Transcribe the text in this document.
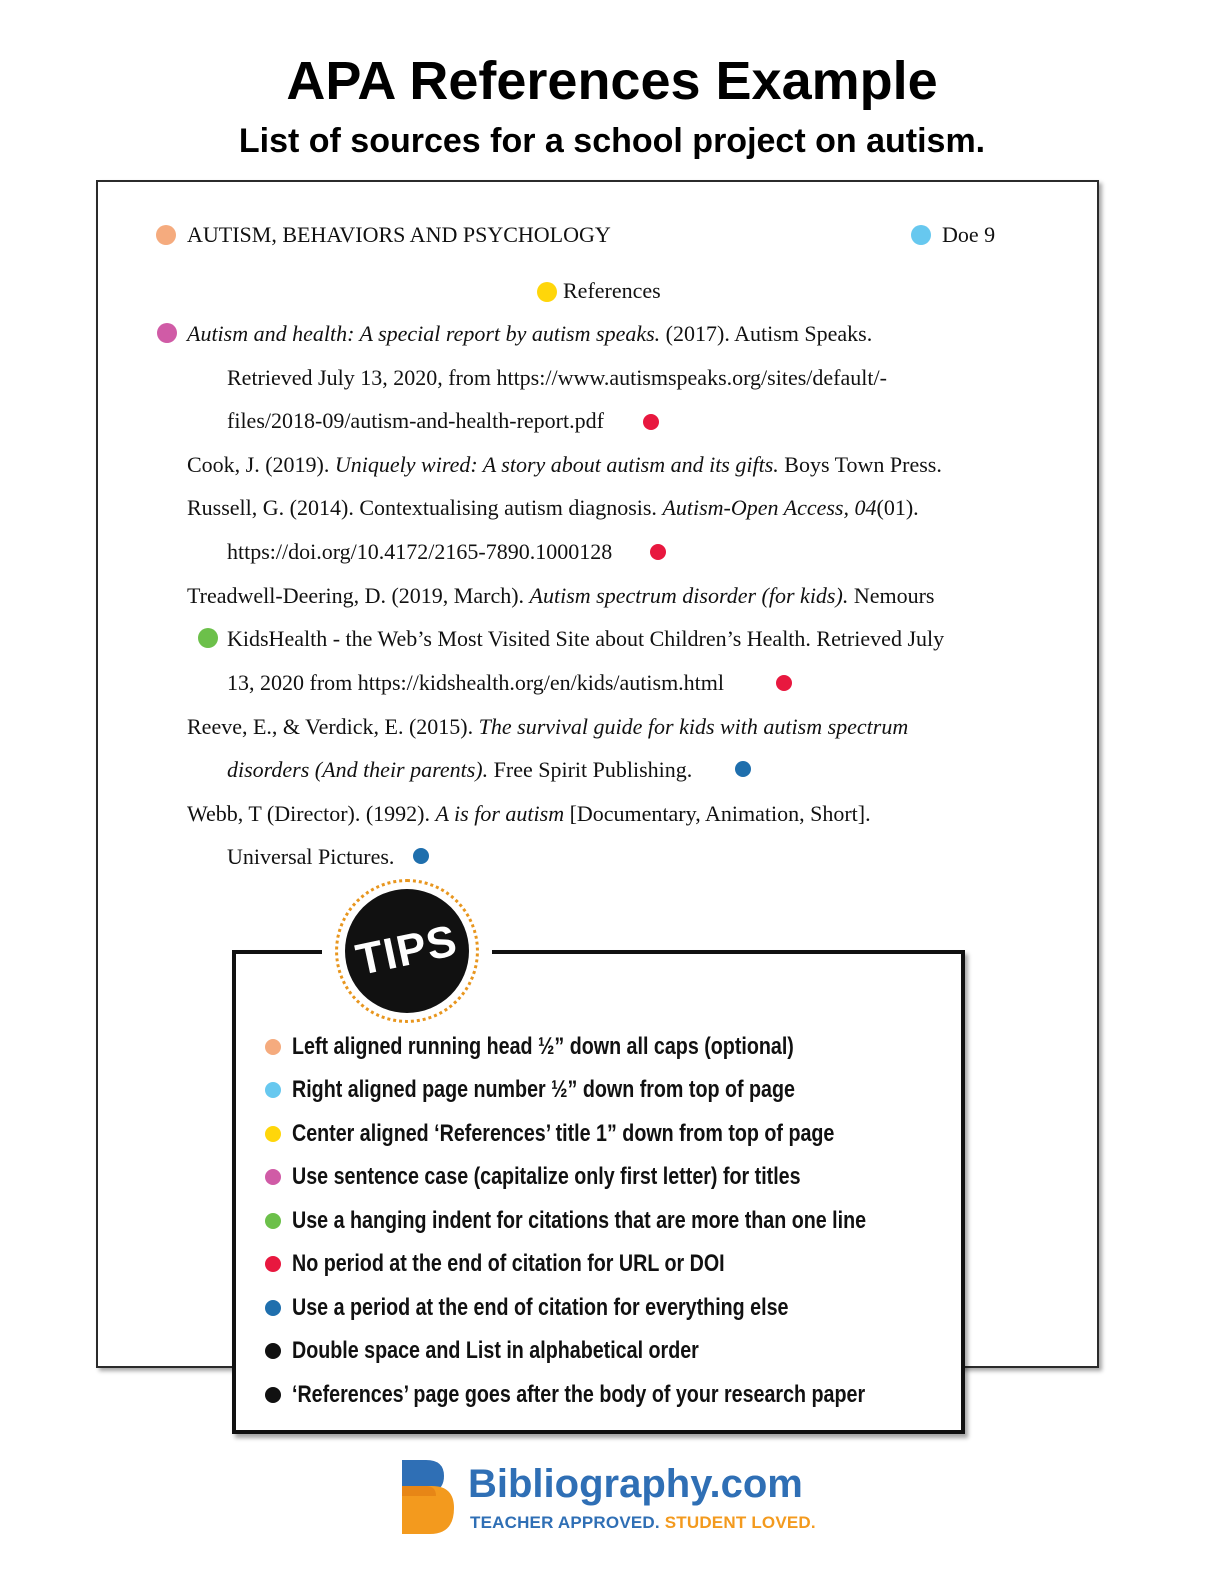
APA References Example
List of sources for a school project on autism.
AUTISM, BEHAVIORS AND PSYCHOLOGY	Doe 9
References
Autism and health: A special report by autism speaks. (2017). Autism Speaks.
Retrieved July 13, 2020, from https://www.autismspeaks.org/sites/default/-
files/2018-09/autism-and-health-report.pdf
Cook, J. (2019). Uniquely wired: A story about autism and its gifts. Boys Town Press.
Russell, G. (2014). Contextualising autism diagnosis. Autism-Open Access, 04(01).
https://doi.org/10.4172/2165-7890.1000128
Treadwell-Deering, D. (2019, March). Autism spectrum disorder (for kids). Nemours
KidsHealth - the Web’s Most Visited Site about Children’s Health. Retrieved July
13, 2020 from https://kidshealth.org/en/kids/autism.html
Reeve, E., & Verdick, E. (2015). The survival guide for kids with autism spectrum
disorders (And their parents). Free Spirit Publishing.
Webb, T (Director). (1992). A is for autism [Documentary, Animation, Short].
Universal Pictures.
TIPS
Left aligned running head ½” down all caps (optional)
Right aligned page number ½” down from top of page
Center aligned ‘References’ title 1” down from top of page
Use sentence case (capitalize only first letter) for titles
Use a hanging indent for citations that are more than one line
No period at the end of citation for URL or DOI
Use a period at the end of citation for everything else
Double space and List in alphabetical order
‘References’ page goes after the body of your research paper
Bibliography.com
TEACHER APPROVED. STUDENT LOVED.
